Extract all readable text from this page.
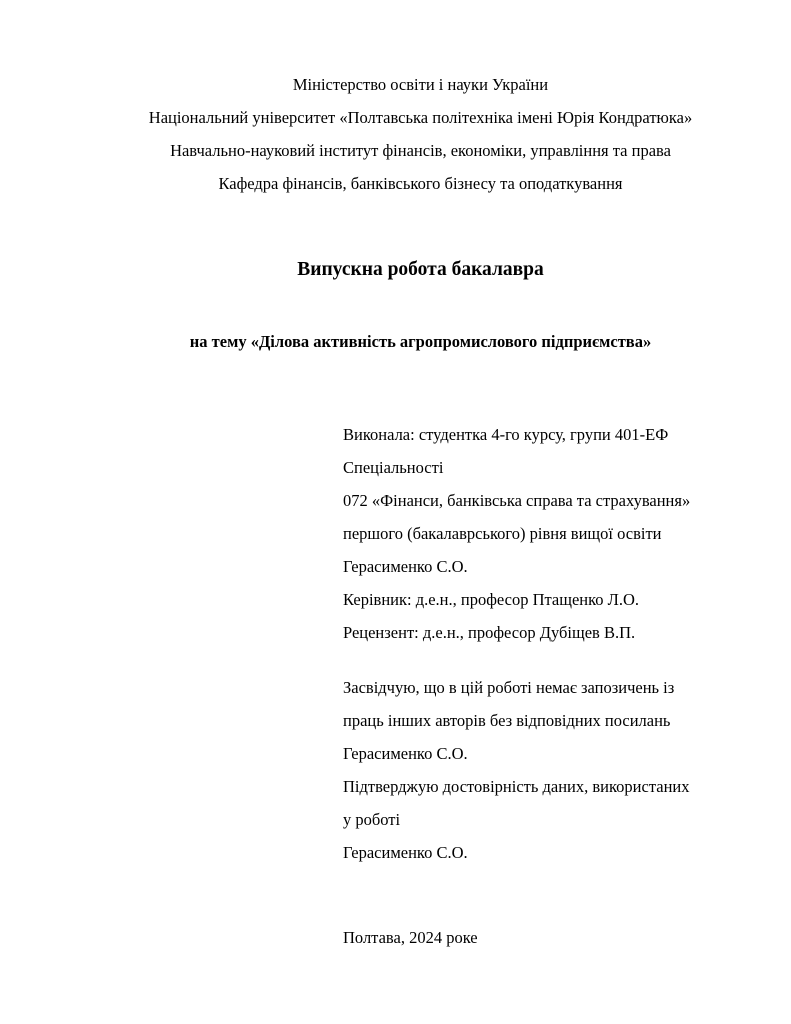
Міністерство освіти і науки України

Національний університет «Полтавська політехніка імені Юрія Кондратюка»

Навчально-науковий інститут фінансів, економіки, управління та права

Кафедра фінансів, банківського бізнесу та оподаткування

Випускна робота бакалавра
на тему «Ділова активність агропромислового підприємства»

Виконала: студентка 4-го курсу, групи 401-ЕФ

Спеціальності

072 «Фінанси, банківська справа та страхування»

першого (бакалаврського) рівня вищої освіти

Герасименко С.О.

Керівник: д.е.н., професор Птащенко Л.О.

Рецензент: д.е.н., професор Дубіщев В.П.

Засвідчую, що в цій роботі немає запозичень із

праць інших авторів без відповідних посилань

Герасименко С.О.

Підтверджую достовірність даних, використаних

у роботі

Герасименко С.О.

Полтава, 2024 роке
